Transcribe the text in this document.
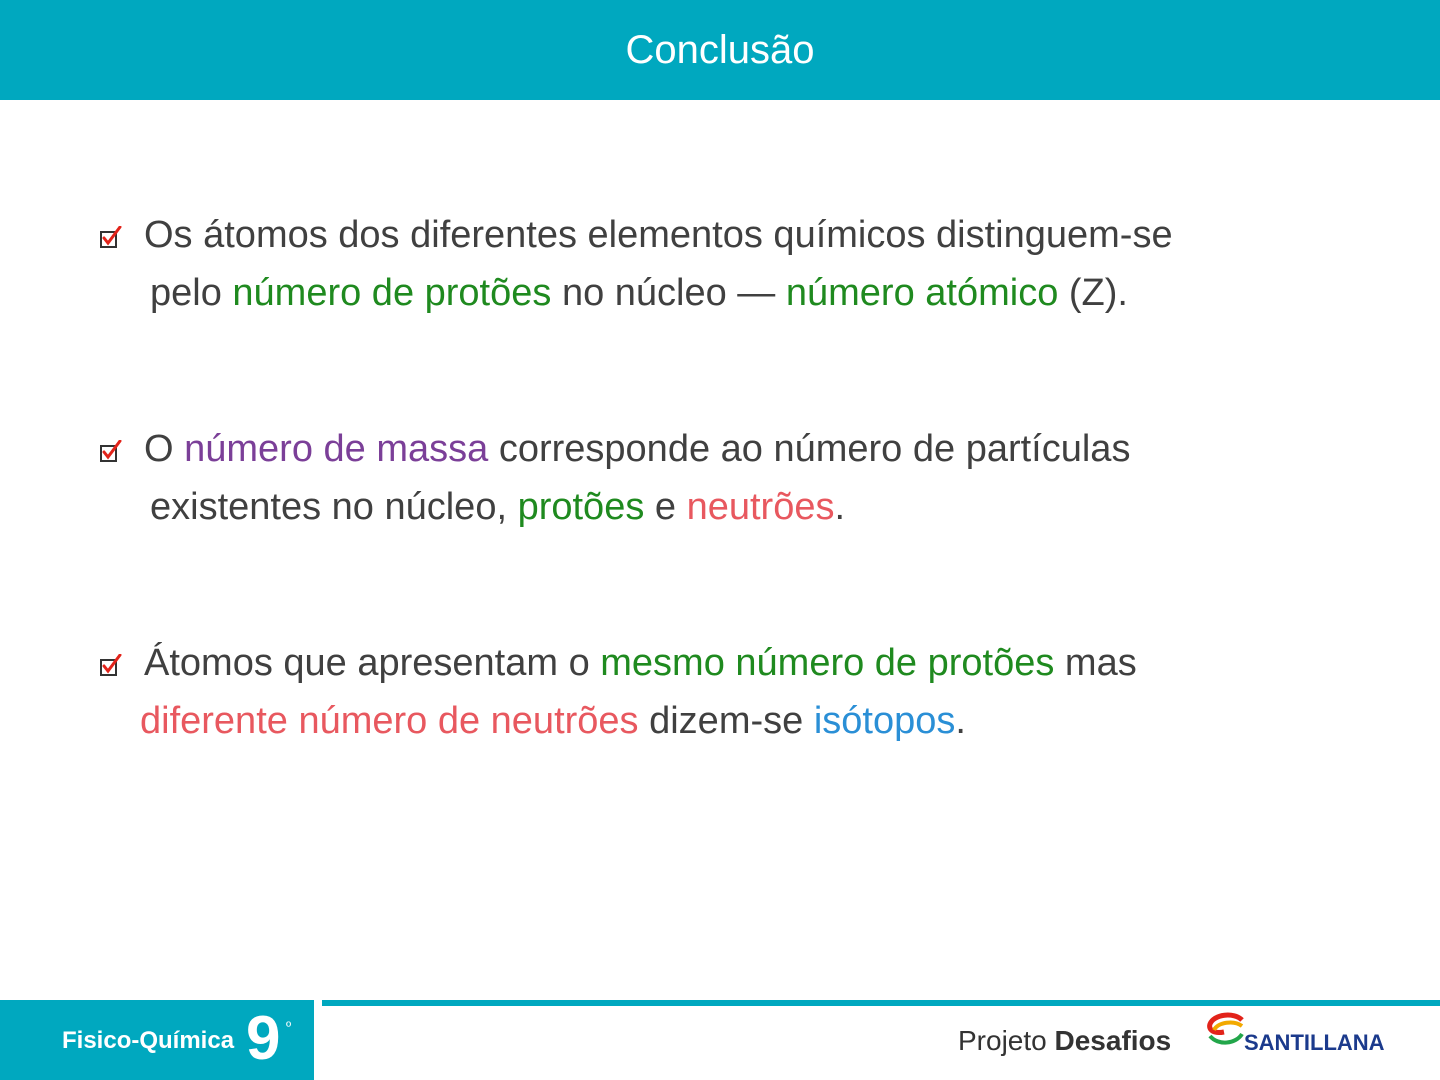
Conclusão
Os átomos dos diferentes elementos químicos distinguem-se
pelo número de protões no núcleo — número atómico (Z).
O número de massa corresponde ao número de partículas
existentes no núcleo, protões e neutrões.
Átomos que apresentam o mesmo número de protões mas
diferente número de neutrões dizem-se isótopos.
Fisico-Química 9 º	Projeto Desafios	SANTILLANA
